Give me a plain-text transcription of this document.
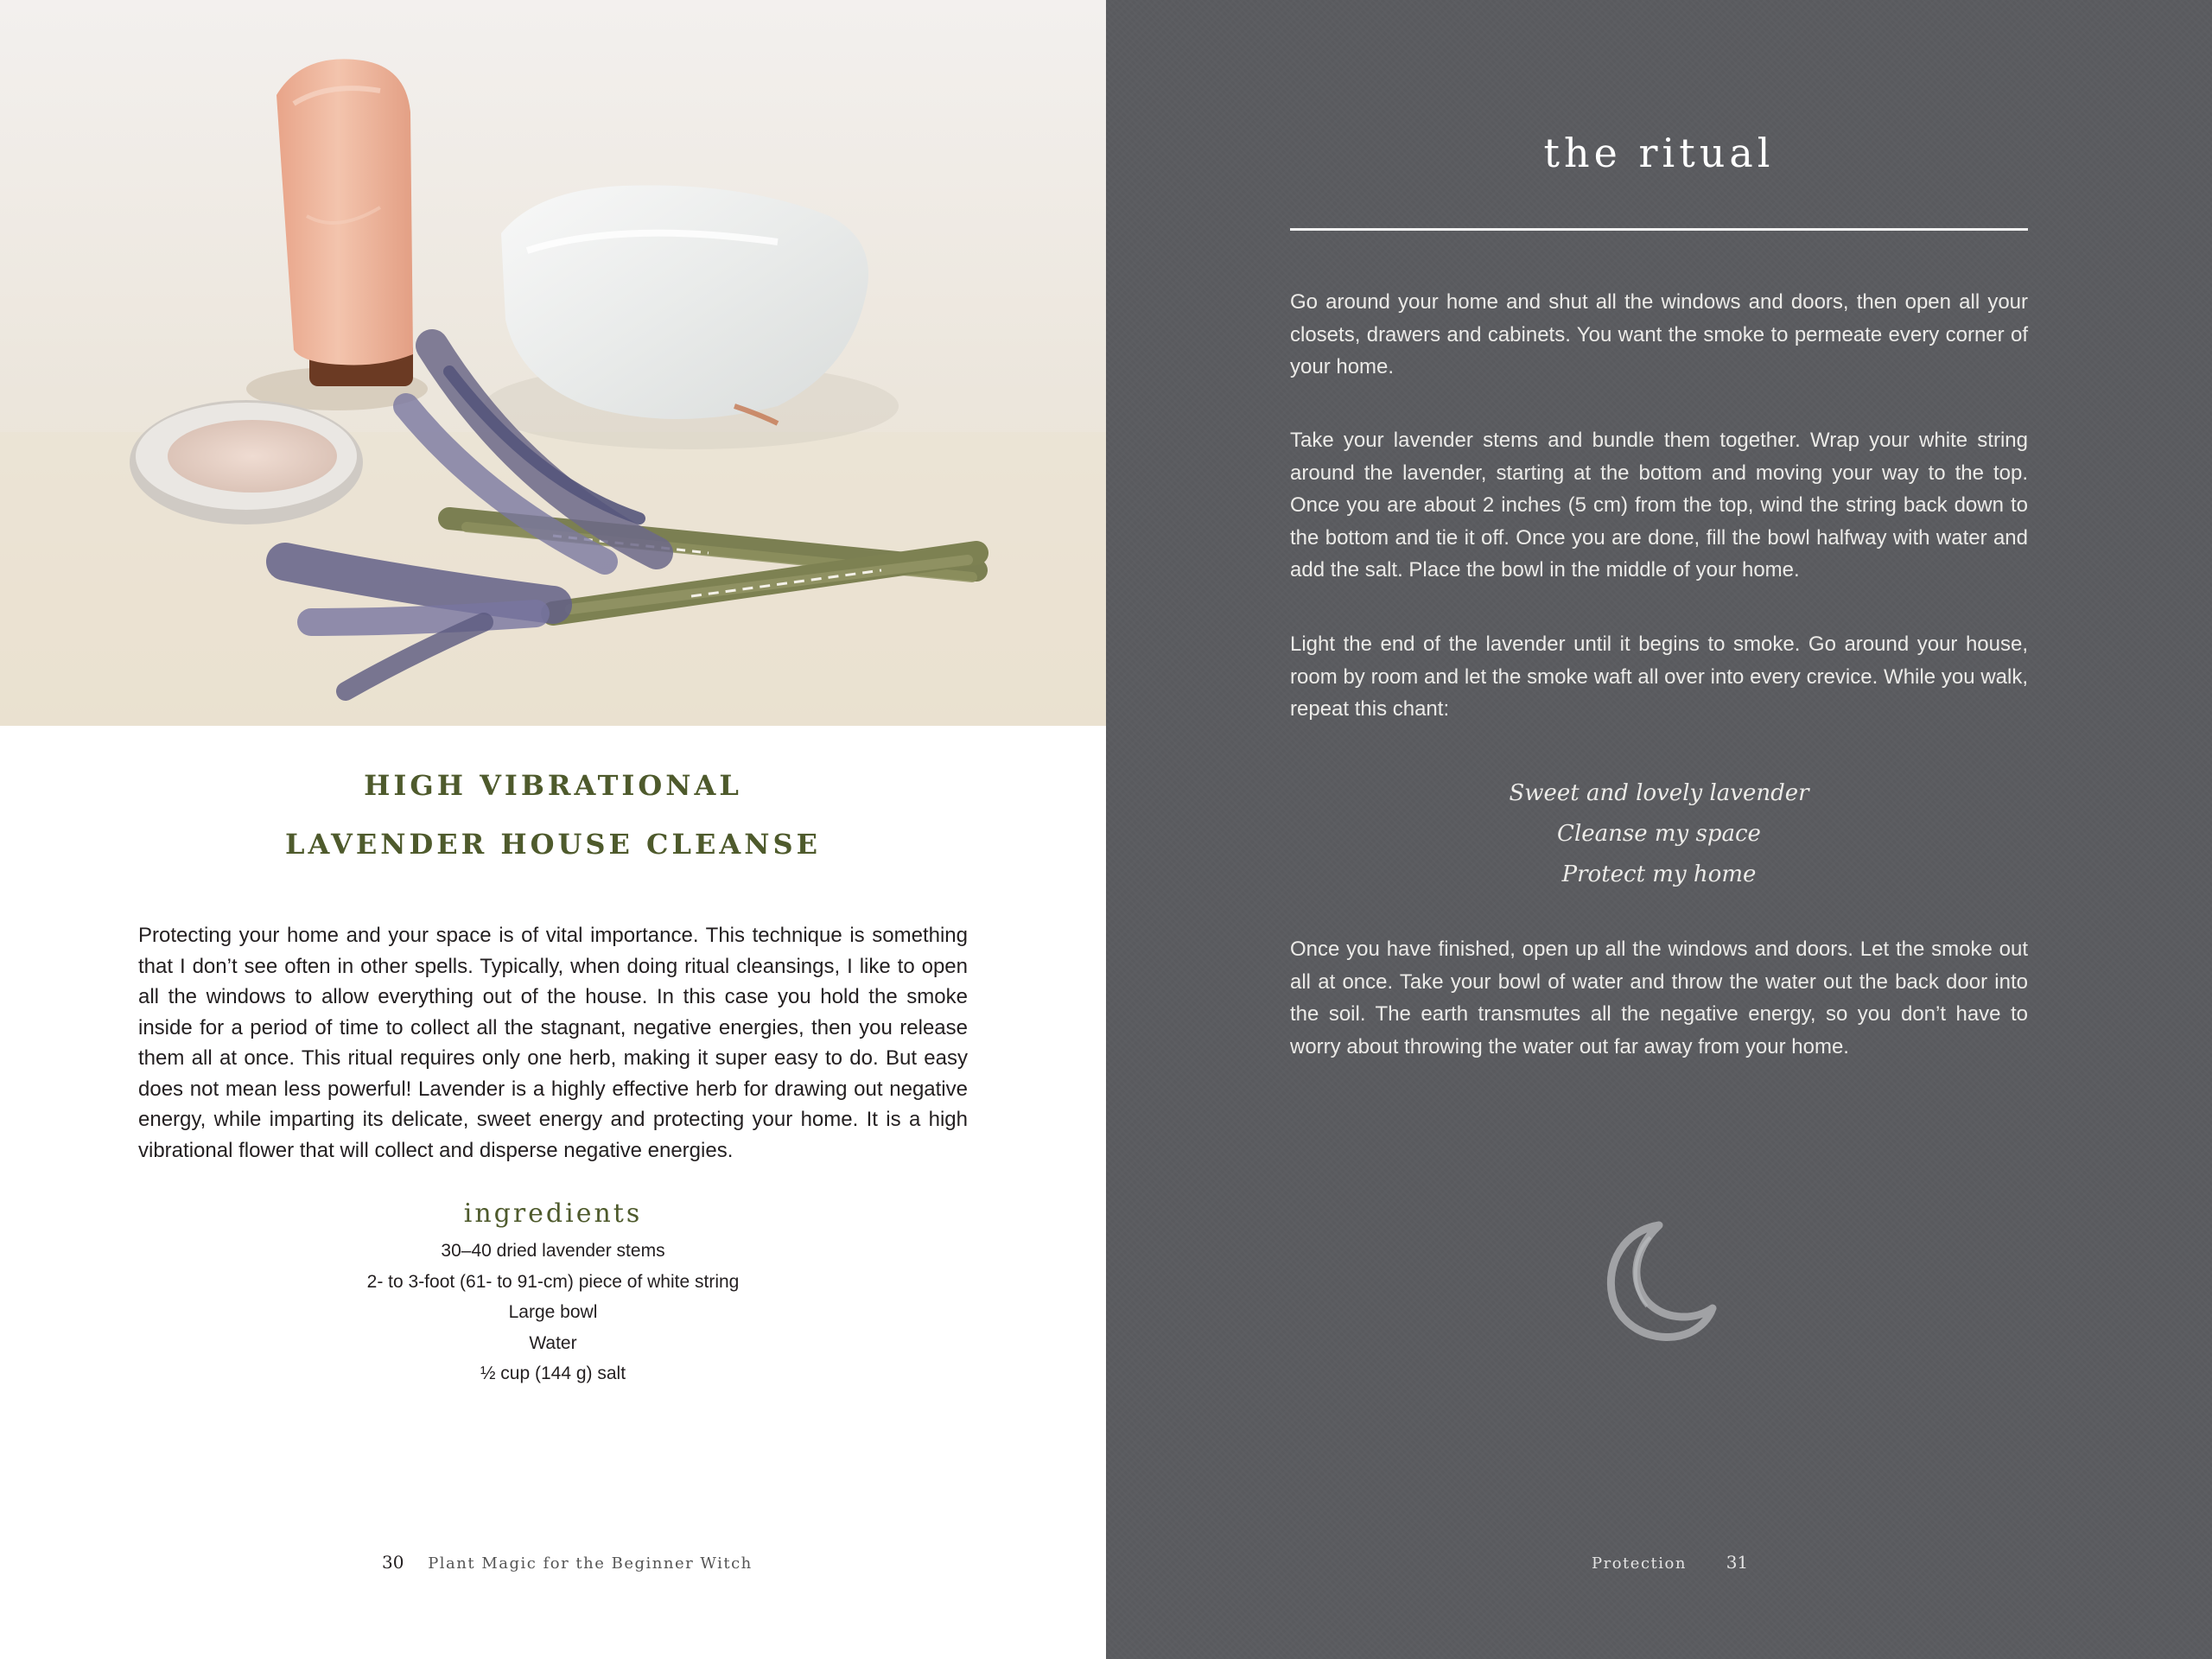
HIGH VIBRATIONAL
LAVENDER HOUSE CLEANSE

Protecting your home and your space is of vital importance. This technique is something that I don’t see often in other spells. Typically, when doing ritual cleansings, I like to open all the windows to allow everything out of the house. In this case you hold the smoke inside for a period of time to collect all the stagnant, negative energies, then you release them all at once. This ritual requires only one herb, making it super easy to do. But easy does not mean less powerful! Lavender is a highly effective herb for drawing out negative energy, while imparting its delicate, sweet energy and protecting your home. It is a high vibrational flower that will collect and disperse negative energies.

ingredients
30–40 dried lavender stems
2- to 3-foot (61- to 91-cm) piece of white string
Large bowl
Water
½ cup (144 g) salt
30 Plant Magic for the Beginner Witch
the ritual

Go around your home and shut all the windows and doors, then open all your closets, drawers and cabinets. You want the smoke to permeate every corner of your home.

Take your lavender stems and bundle them together. Wrap your white string around the lavender, starting at the bottom and moving your way to the top. Once you are about 2 inches (5 cm) from the top, wind the string back down to the bottom and tie it off. Once you are done, fill the bowl halfway with water and add the salt. Place the bowl in the middle of your home.

Light the end of the lavender until it begins to smoke. Go around your house, room by room and let the smoke waft all over into every crevice. While you walk, repeat this chant:

Sweet and lovely lavender
Cleanse my space
Protect my home

Once you have finished, open up all the windows and doors. Let the smoke out all at once. Take your bowl of water and throw the water out the back door into the soil. The earth transmutes all the negative energy, so you don’t have to worry about throwing the water out far away from your home.

Protection 31
